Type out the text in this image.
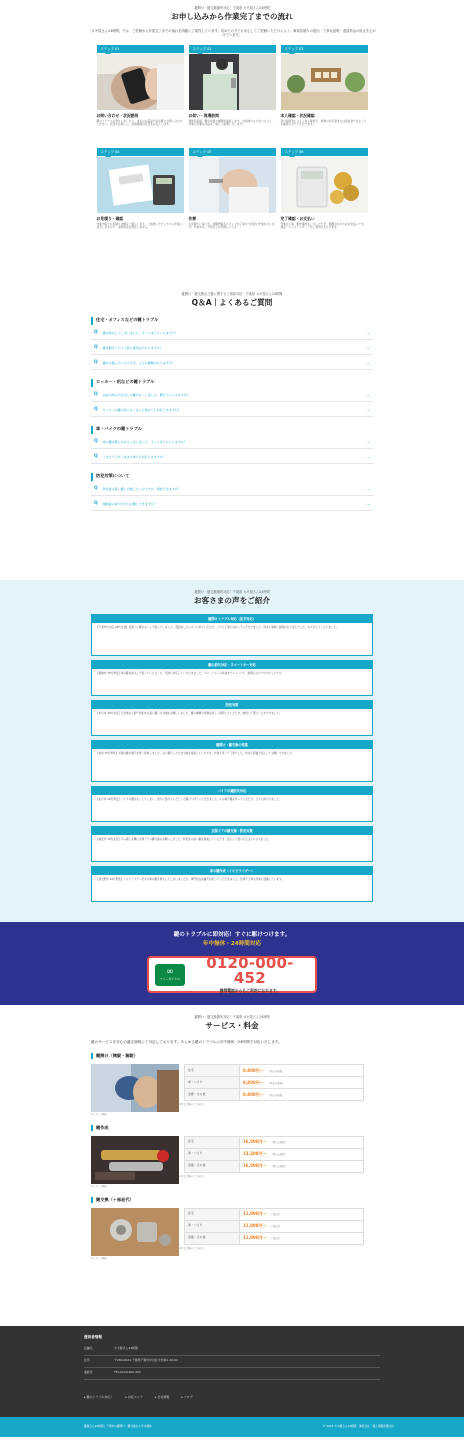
鍵開け・鍵交換随所対応！千葉県 カギ屋さん24時間
お申し込みから作業完了までの流れ

「カギ屋さん24時間」では、ご依頼から作業完了までの流れを明確にご案内しています。初めての方でも安心してご依頼いただけるよう、事前見積りの提出・丁寧な説明・追加料金の防止を心がけています。

ステップ 01
お問い合わせ・状況説明
鍵のトラブルが発生しましたら、まずはお電話でお気軽にお問い合わせください。状況をお伺いし、到着時間の目安をお伝えします。
ステップ 02
お伺い・現場訪問
現地到着後、鍵の状態や種類を確認します。お客様の立ち会いのもと、作業に必要な内容を丁寧にご説明いたします。
ステップ 03
本人確認・状況確認
身分証明書によるご本人確認と、建物の所有者または居住者であることを確認させていただきます。
ステップ 04
お見積り・確認
作業内容とお見積り金額をご提示します。ご納得いただいてから作業に着手しますので、追加料金は発生しません。
ステップ 05
作業
お見積りに基づき、経験豊富なスタッフが丁寧かつ迅速に作業を行います。作業中のご不明点もお気軽にどうぞ。
ステップ 06
完了確認・お支払い
作業完了後、動作確認をしていただき、問題がなければお支払いです。現金・クレジットカードがご利用いただけます。
鍵開け・鍵交換など鍵に関するご相談対応！千葉県 カギ屋さん24時間
Q＆A｜よくあるご質問
住宅・オフィスなどの鍵トラブル
Q 鍵を紛失してしまいました。すぐに来てもらえますか？	⌄
Q 鍵を開けてもらう際に費用はかかりますか？	⌄
Q 鍵を交換したいのですが、どんな種類がありますか？	⌄
ロッカー・机などの鍵トラブル
Q 会社の机の引き出しの鍵をなくしました。開けてもらえますか？	⌄
Q ロッカーの鍵が回らなくなった場合でも対応できますか？	⌄
車・バイクの鍵トラブル
Q 車の鍵を閉じ込めてしまいました。すぐに来てもらえますか？	⌄
Q イモビライザー付きの車でも対応できますか？	⌄
防犯対策について
Q 防犯性の高い鍵に交換したいのですが、相談できますか？	⌄
Q 補助錠の取り付けもお願いできますか？	⌄
鍵開け・鍵交換随所対応！千葉県 カギ屋さん24時間
お客さまの声をご紹介
鍵開けトラブル対応（急ぎ対応）
【千葉市中央区 20代女性】夜遅くに鍵をなくして困っていました。電話をしたらすぐに来ていただき、とても丁寧に対応していただけました。料金も事前に説明があり安心でした。ありがとうございました。
鍵の紛失対応・スマートキー対応
【船橋市 30代男性】車の鍵を紛失して困っていたところ、迅速に対応していただきました。スマートキーの作成までスムーズで、説明もわかりやすかったです。
防犯対策
【市川市 40代女性】空き巣が心配で防犯性の高い鍵への交換をお願いしました。鍵の種類や特徴を詳しく説明していただき、納得して選ぶことができました。
鍵開け・鍵交換の相談
【柏市 50代男性】玄関の鍵の調子が悪く相談しました。古い鍵だったため交換を提案していただき、作業も早くて丁寧でした。料金も明確で安心してお願いできました。
バイクの鍵紛失対応
【松戸市 20代男性】バイクの鍵をなくしてしまい、途方に暮れていたところ駆けつけていただきました。その場で鍵を作っていただき、とても助かりました。
玄関ドアの鍵交換・防犯対策
【浦安市 30代女性】引っ越しを機に玄関ドアの鍵交換をお願いしました。防犯性の高い鍵を提案していただき、安心して暮らせるようになりました。
車の鍵作成（イモビライザー）
【習志野市 40代男性】イモビライザー付きの車の鍵を紛失してしまいましたが、専門的な知識で対応していただきました。迅速で丁寧な作業に感謝しています。
鍵のトラブルに即対応！すぐに駆けつけます。
年中無休・24時間対応
∞
フリーダイヤル
0120-000-452
携帯電話からもご利用になれます。
鍵開け・鍵交換随所対応！千葉県 カギ屋さん24時間
サービス・料金
鍵のサービスを安心の適正価格にて対応しております。あらゆる鍵のトラブルに年中無休・24時間で対応いたします。
鍵開け（開錠・解錠）
※イメージ画像
住宅	8,800円〜 （税込み価格）
車・バイク	8,800円〜 （税込み価格）
金庫・その他	8,800円〜 （税込み価格）
※作業は現状による料金
鍵作成
※イメージ画像
住宅	16,500円〜 （税込み価格）
車・バイク	13,200円〜 （税込み価格）
金庫・その他	16,500円〜 （税込み価格）
※作業は現状による料金
鍵交換（＋部品代）
※イメージ画像
住宅	11,000円〜 ＋部品代
車・バイク	11,000円〜 ＋部品代
金庫・その他	11,000円〜 ＋部品代
※作業は現状による料金
運営者情報
店舗名	カギ屋さん24時間
住所	〒260-0024 千葉県千葉市中央区中央港1-20-04
連絡先	TEL:0120-000-452
▸ 鍵のトラブル対応！	▸ 対応エリア	▸ 会社情報	▸ ブログ
鍵屋さん24時間 | 千葉市の鍵開け・鍵交換なら年中無休	© 2023 カギ屋さん24時間　運営会社・個人情報保護方針
